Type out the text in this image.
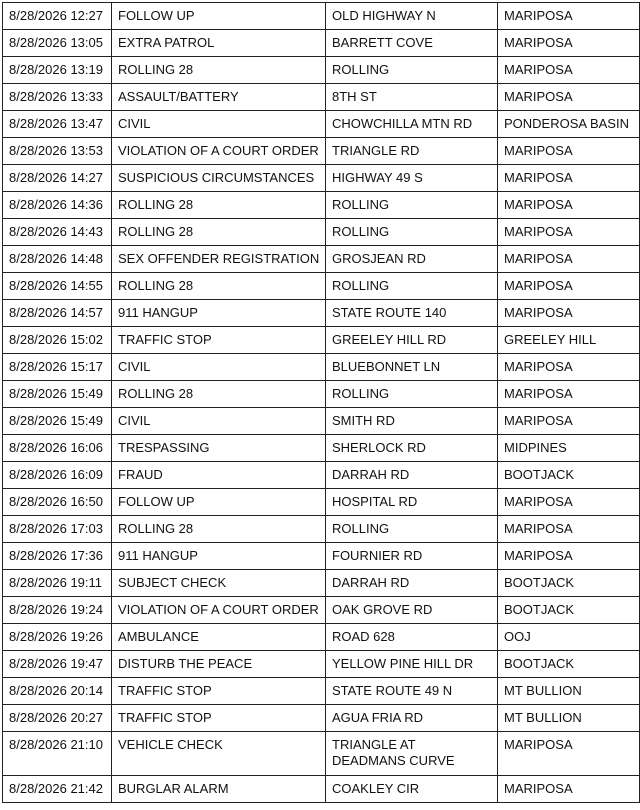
8/28/2026 12:27	FOLLOW UP	OLD HIGHWAY N	MARIPOSA
8/28/2026 13:05	EXTRA PATROL	BARRETT COVE	MARIPOSA
8/28/2026 13:19	ROLLING 28	ROLLING	MARIPOSA
8/28/2026 13:33	ASSAULT/BATTERY	8TH ST	MARIPOSA
8/28/2026 13:47	CIVIL	CHOWCHILLA MTN RD	PONDEROSA BASIN
8/28/2026 13:53	VIOLATION OF A COURT ORDER	TRIANGLE RD	MARIPOSA
8/28/2026 14:27	SUSPICIOUS CIRCUMSTANCES	HIGHWAY 49 S	MARIPOSA
8/28/2026 14:36	ROLLING 28	ROLLING	MARIPOSA
8/28/2026 14:43	ROLLING 28	ROLLING	MARIPOSA
8/28/2026 14:48	SEX OFFENDER REGISTRATION	GROSJEAN RD	MARIPOSA
8/28/2026 14:55	ROLLING 28	ROLLING	MARIPOSA
8/28/2026 14:57	911 HANGUP	STATE ROUTE 140	MARIPOSA
8/28/2026 15:02	TRAFFIC STOP	GREELEY HILL RD	GREELEY HILL
8/28/2026 15:17	CIVIL	BLUEBONNET LN	MARIPOSA
8/28/2026 15:49	ROLLING 28	ROLLING	MARIPOSA
8/28/2026 15:49	CIVIL	SMITH RD	MARIPOSA
8/28/2026 16:06	TRESPASSING	SHERLOCK RD	MIDPINES
8/28/2026 16:09	FRAUD	DARRAH RD	BOOTJACK
8/28/2026 16:50	FOLLOW UP	HOSPITAL RD	MARIPOSA
8/28/2026 17:03	ROLLING 28	ROLLING	MARIPOSA
8/28/2026 17:36	911 HANGUP	FOURNIER RD	MARIPOSA
8/28/2026 19:11	SUBJECT CHECK	DARRAH RD	BOOTJACK
8/28/2026 19:24	VIOLATION OF A COURT ORDER	OAK GROVE RD	BOOTJACK
8/28/2026 19:26	AMBULANCE	ROAD 628	OOJ
8/28/2026 19:47	DISTURB THE PEACE	YELLOW PINE HILL DR	BOOTJACK
8/28/2026 20:14	TRAFFIC STOP	STATE ROUTE 49 N	MT BULLION
8/28/2026 20:27	TRAFFIC STOP	AGUA FRIA RD	MT BULLION
8/28/2026 21:10	VEHICLE CHECK	TRIANGLE AT DEADMANS CURVE	MARIPOSA
8/28/2026 21:42	BURGLAR ALARM	COAKLEY CIR	MARIPOSA
